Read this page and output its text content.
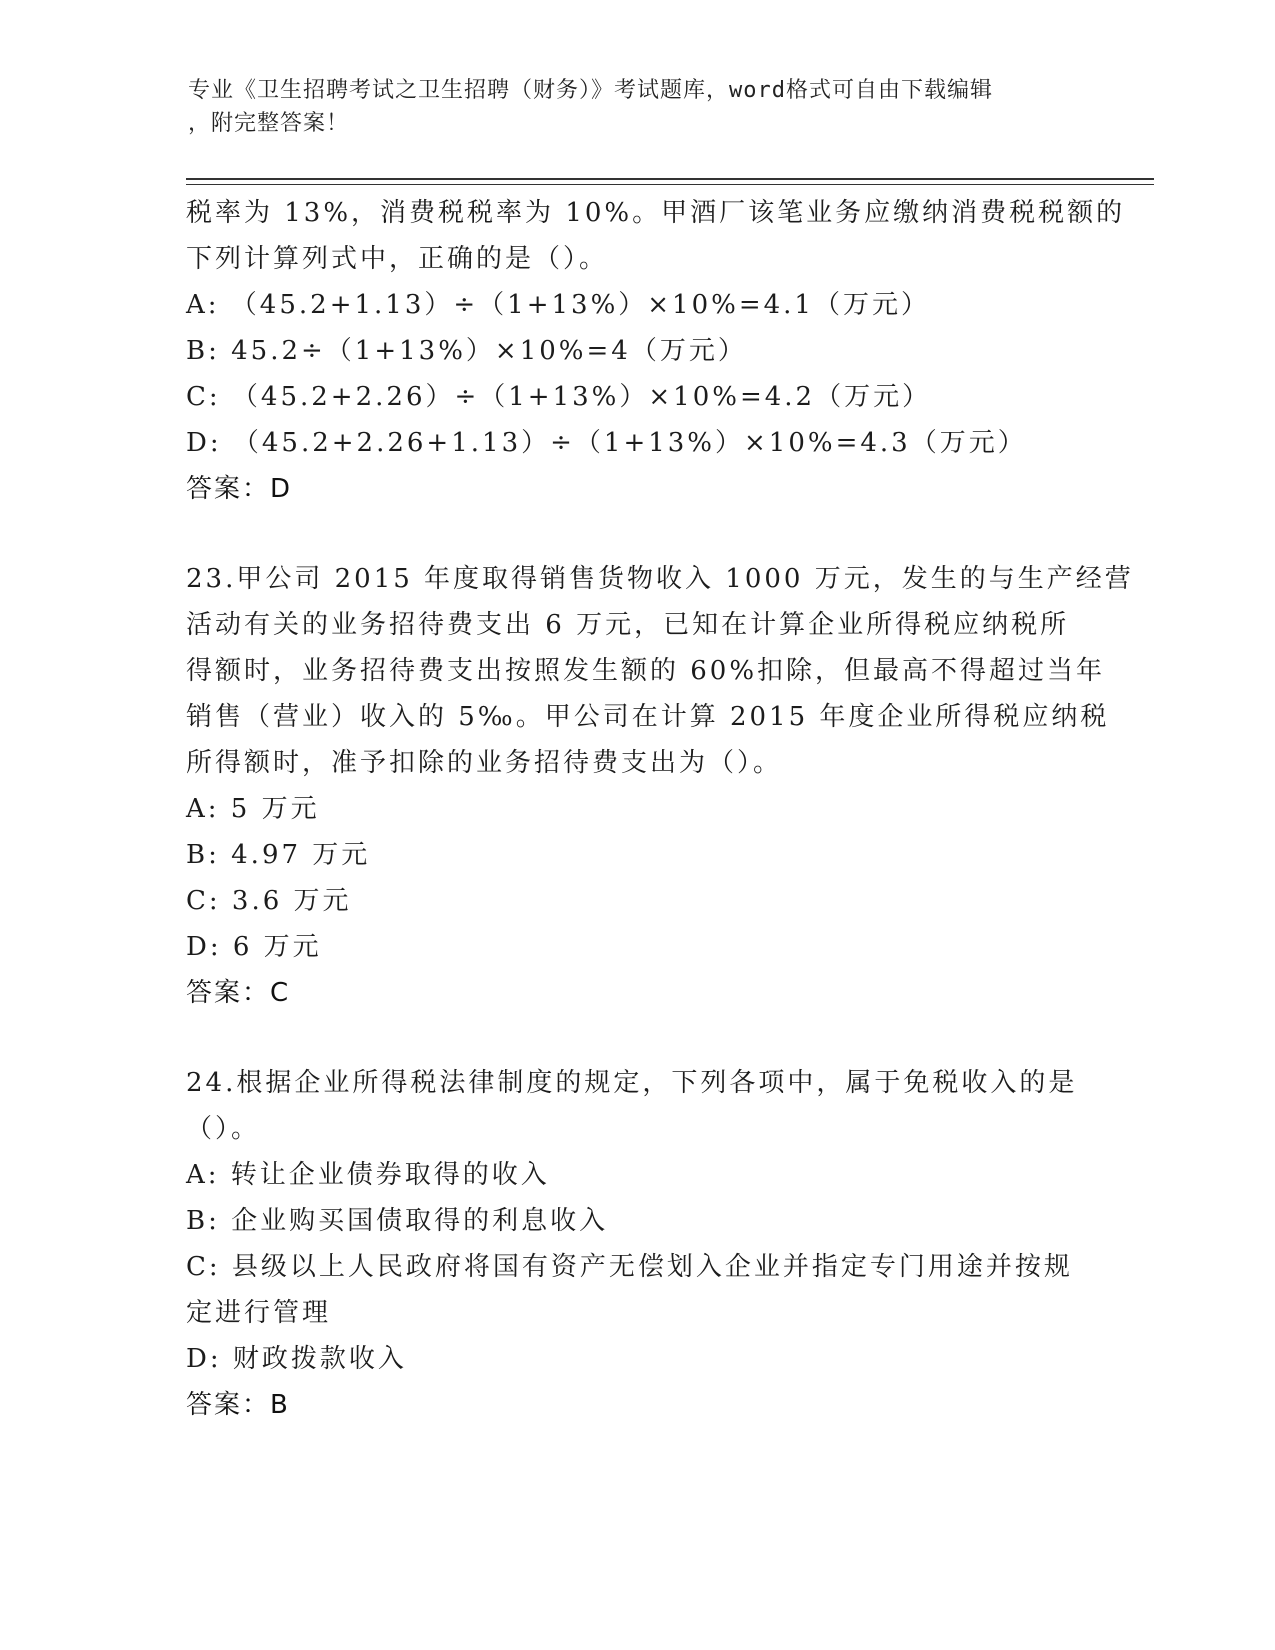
专业《卫生招聘考试之卫生招聘（财务）》考试题库，word格式可自由下载编辑
，附完整答案！
税率为 13%，消费税税率为 10%。甲酒厂该笔业务应缴纳消费税税额的
下列计算列式中，正确的是（）。
A: （45.2+1.13）÷（1+13%）×10%=4.1（万元）
B: 45.2÷（1+13%）×10%=4（万元）
C: （45.2+2.26）÷（1+13%）×10%=4.2（万元）
D: （45.2+2.26+1.13）÷（1+13%）×10%=4.3（万元）
答案：D
23.甲公司 2015 年度取得销售货物收入 1000 万元，发生的与生产经营
活动有关的业务招待费支出 6 万元，已知在计算企业所得税应纳税所
得额时，业务招待费支出按照发生额的 60%扣除，但最高不得超过当年
销售（营业）收入的 5‰。甲公司在计算 2015 年度企业所得税应纳税
所得额时，准予扣除的业务招待费支出为（）。
A: 5 万元
B: 4.97 万元
C: 3.6 万元
D: 6 万元
答案：C
24.根据企业所得税法律制度的规定，下列各项中，属于免税收入的是
（）。
A: 转让企业债券取得的收入
B: 企业购买国债取得的利息收入
C: 县级以上人民政府将国有资产无偿划入企业并指定专门用途并按规
定进行管理
D: 财政拨款收入
答案：B
